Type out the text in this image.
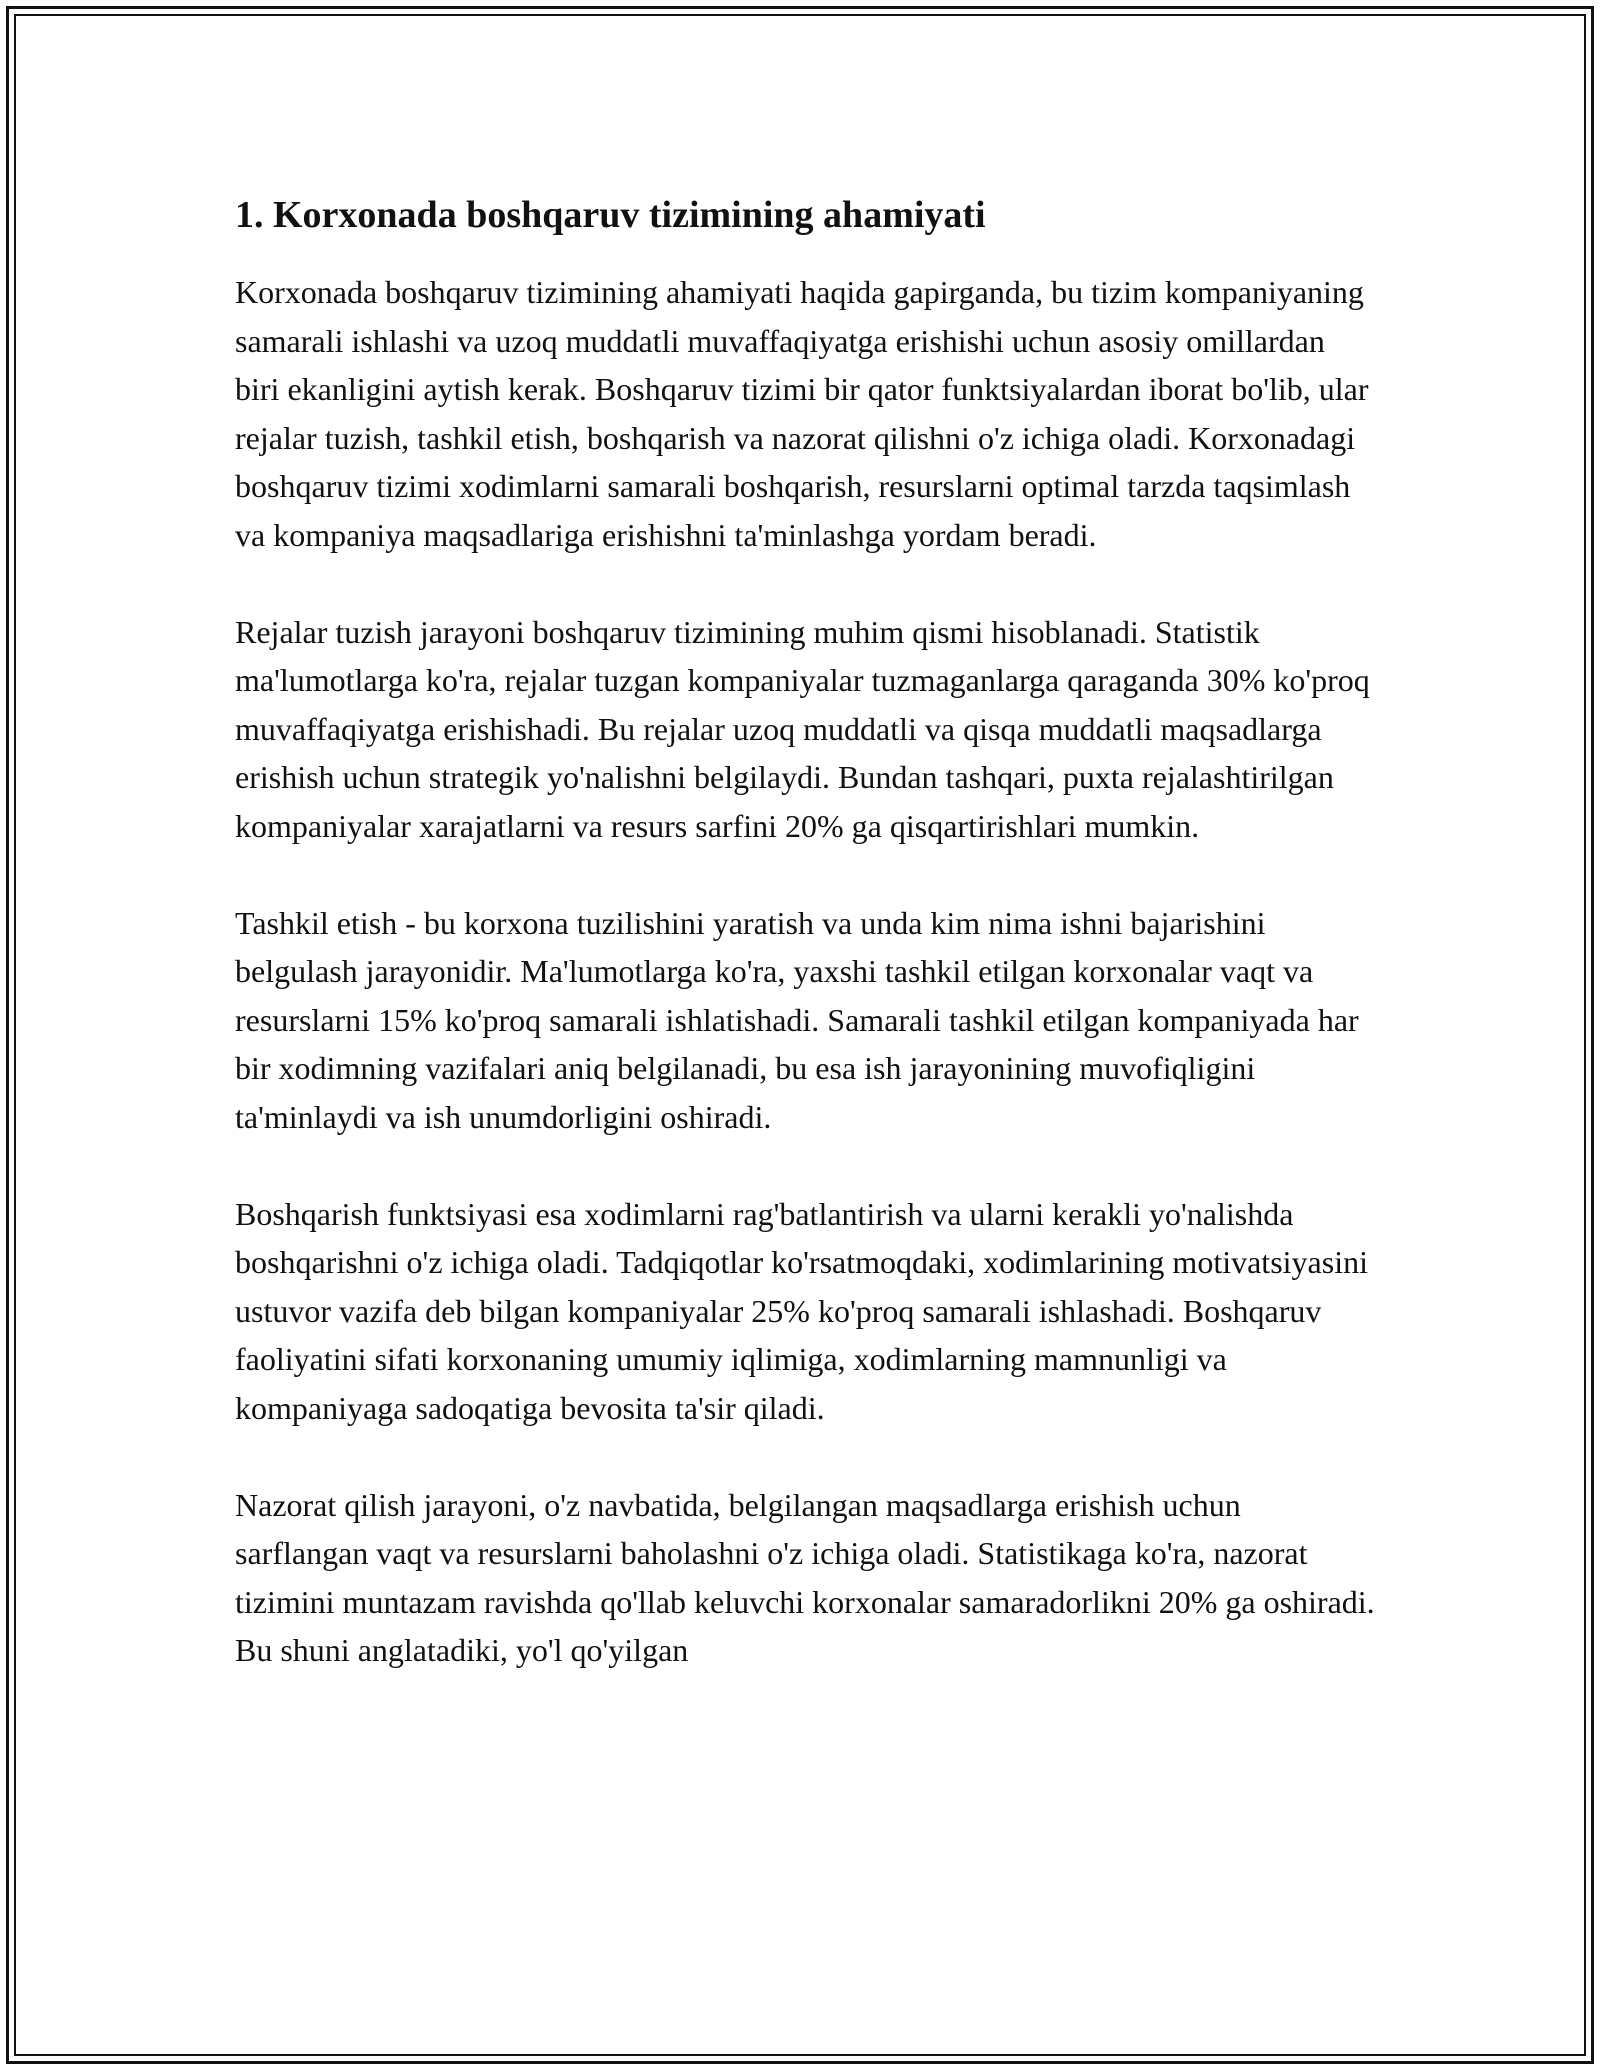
1. Korxonada boshqaruv tizimining ahamiyati

Korxonada boshqaruv tizimining ahamiyati haqida gapirganda, bu tizim kompaniyaning samarali ishlashi va uzoq muddatli muvaffaqiyatga erishishi uchun asosiy omillardan biri ekanligini aytish kerak. Boshqaruv tizimi bir qator funktsiyalardan iborat bo'lib, ular rejalar tuzish, tashkil etish, boshqarish va nazorat qilishni o'z ichiga oladi. Korxonadagi boshqaruv tizimi xodimlarni samarali boshqarish, resurslarni optimal tarzda taqsimlash va kompaniya maqsadlariga erishishni ta'minlashga yordam beradi.

Rejalar tuzish jarayoni boshqaruv tizimining muhim qismi hisoblanadi. Statistik ma'lumotlarga ko'ra, rejalar tuzgan kompaniyalar tuzmaganlarga qaraganda 30% ko'proq muvaffaqiyatga erishishadi. Bu rejalar uzoq muddatli va qisqa muddatli maqsadlarga erishish uchun strategik yo'nalishni belgilaydi. Bundan tashqari, puxta rejalashtirilgan kompaniyalar xarajatlarni va resurs sarfini 20% ga qisqartirishlari mumkin.

Tashkil etish - bu korxona tuzilishini yaratish va unda kim nima ishni bajarishini belgulash jarayonidir. Ma'lumotlarga ko'ra, yaxshi tashkil etilgan korxonalar vaqt va resurslarni 15% ko'proq samarali ishlatishadi. Samarali tashkil etilgan kompaniyada har bir xodimning vazifalari aniq belgilanadi, bu esa ish jarayonining muvofiqligini ta'minlaydi va ish unumdorligini oshiradi.

Boshqarish funktsiyasi esa xodimlarni rag'batlantirish va ularni kerakli yo'nalishda boshqarishni o'z ichiga oladi. Tadqiqotlar ko'rsatmoqdaki, xodimlarining motivatsiyasini ustuvor vazifa deb bilgan kompaniyalar 25% ko'proq samarali ishlashadi. Boshqaruv faoliyatini sifati korxonaning umumiy iqlimiga, xodimlarning mamnunligi va kompaniyaga sadoqatiga bevosita ta'sir qiladi.

Nazorat qilish jarayoni, o'z navbatida, belgilangan maqsadlarga erishish uchun sarflangan vaqt va resurslarni baholashni o'z ichiga oladi. Statistikaga ko'ra, nazorat tizimini muntazam ravishda qo'llab keluvchi korxonalar samaradorlikni 20% ga oshiradi. Bu shuni anglatadiki, yo'l qo'yilgan
